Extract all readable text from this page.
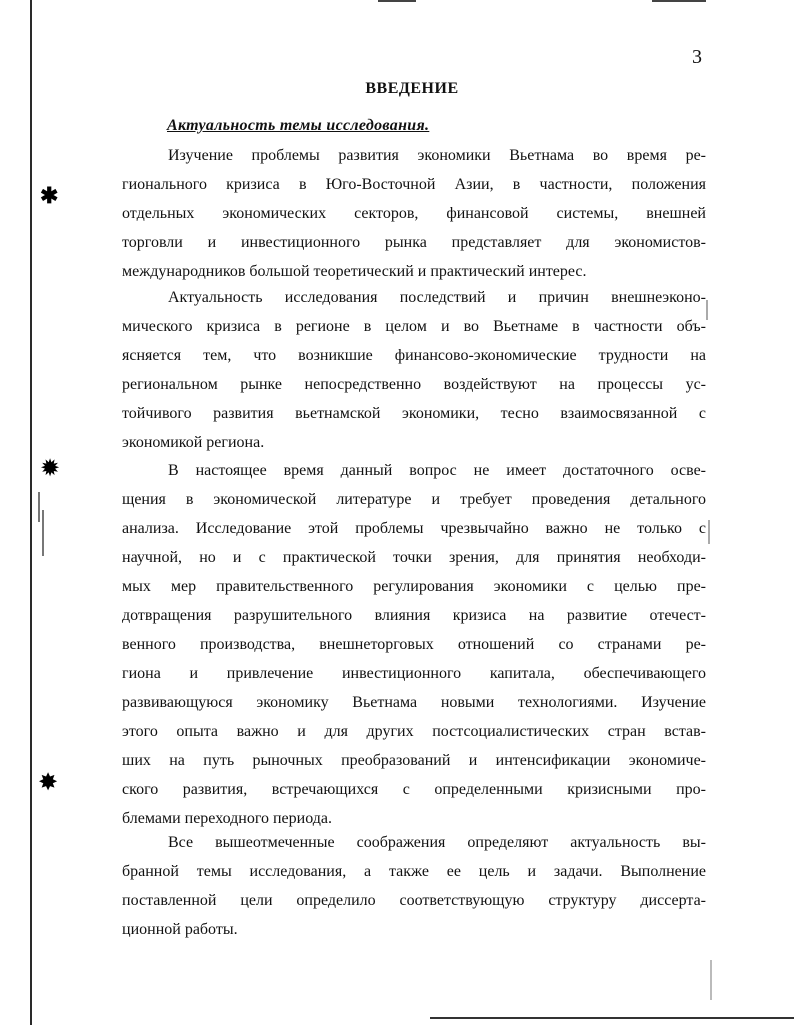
✱
✹
✸
3
ВВЕДЕНИЕ
Актуальность темы исследования.
Изучение проблемы развития экономики Вьетнама во время ре-
гионального кризиса в Юго-Восточной Азии, в частности, положения
отдельных экономических секторов, финансовой системы, внешней
торговли и инвестиционного рынка представляет для экономистов-
международников большой теоретический и практический интерес.
Актуальность исследования последствий и причин внешнеэконо-
мического кризиса в регионе в целом и во Вьетнаме в частности объ-
ясняется тем, что возникшие финансово-экономические трудности на
региональном рынке непосредственно воздействуют на процессы ус-
тойчивого развития вьетнамской экономики, тесно взаимосвязанной с
экономикой региона.
В настоящее время данный вопрос не имеет достаточного осве-
щения в экономической литературе и требует проведения детального
анализа. Исследование этой проблемы чрезвычайно важно не только с
научной, но и с практической точки зрения, для принятия необходи-
мых мер правительственного регулирования экономики с целью пре-
дотвращения разрушительного влияния кризиса на развитие отечест-
венного производства, внешнеторговых отношений со странами ре-
гиона и привлечение инвестиционного капитала, обеспечивающего
развивающуюся экономику Вьетнама новыми технологиями. Изучение
этого опыта важно и для других постсоциалистических стран встав-
ших на путь рыночных преобразований и интенсификации экономиче-
ского развития, встречающихся с определенными кризисными про-
блемами переходного периода.
Все вышеотмеченные соображения определяют актуальность вы-
бранной темы исследования, а также ее цель и задачи. Выполнение
поставленной цели определило соответствующую структуру диссерта-
ционной работы.
